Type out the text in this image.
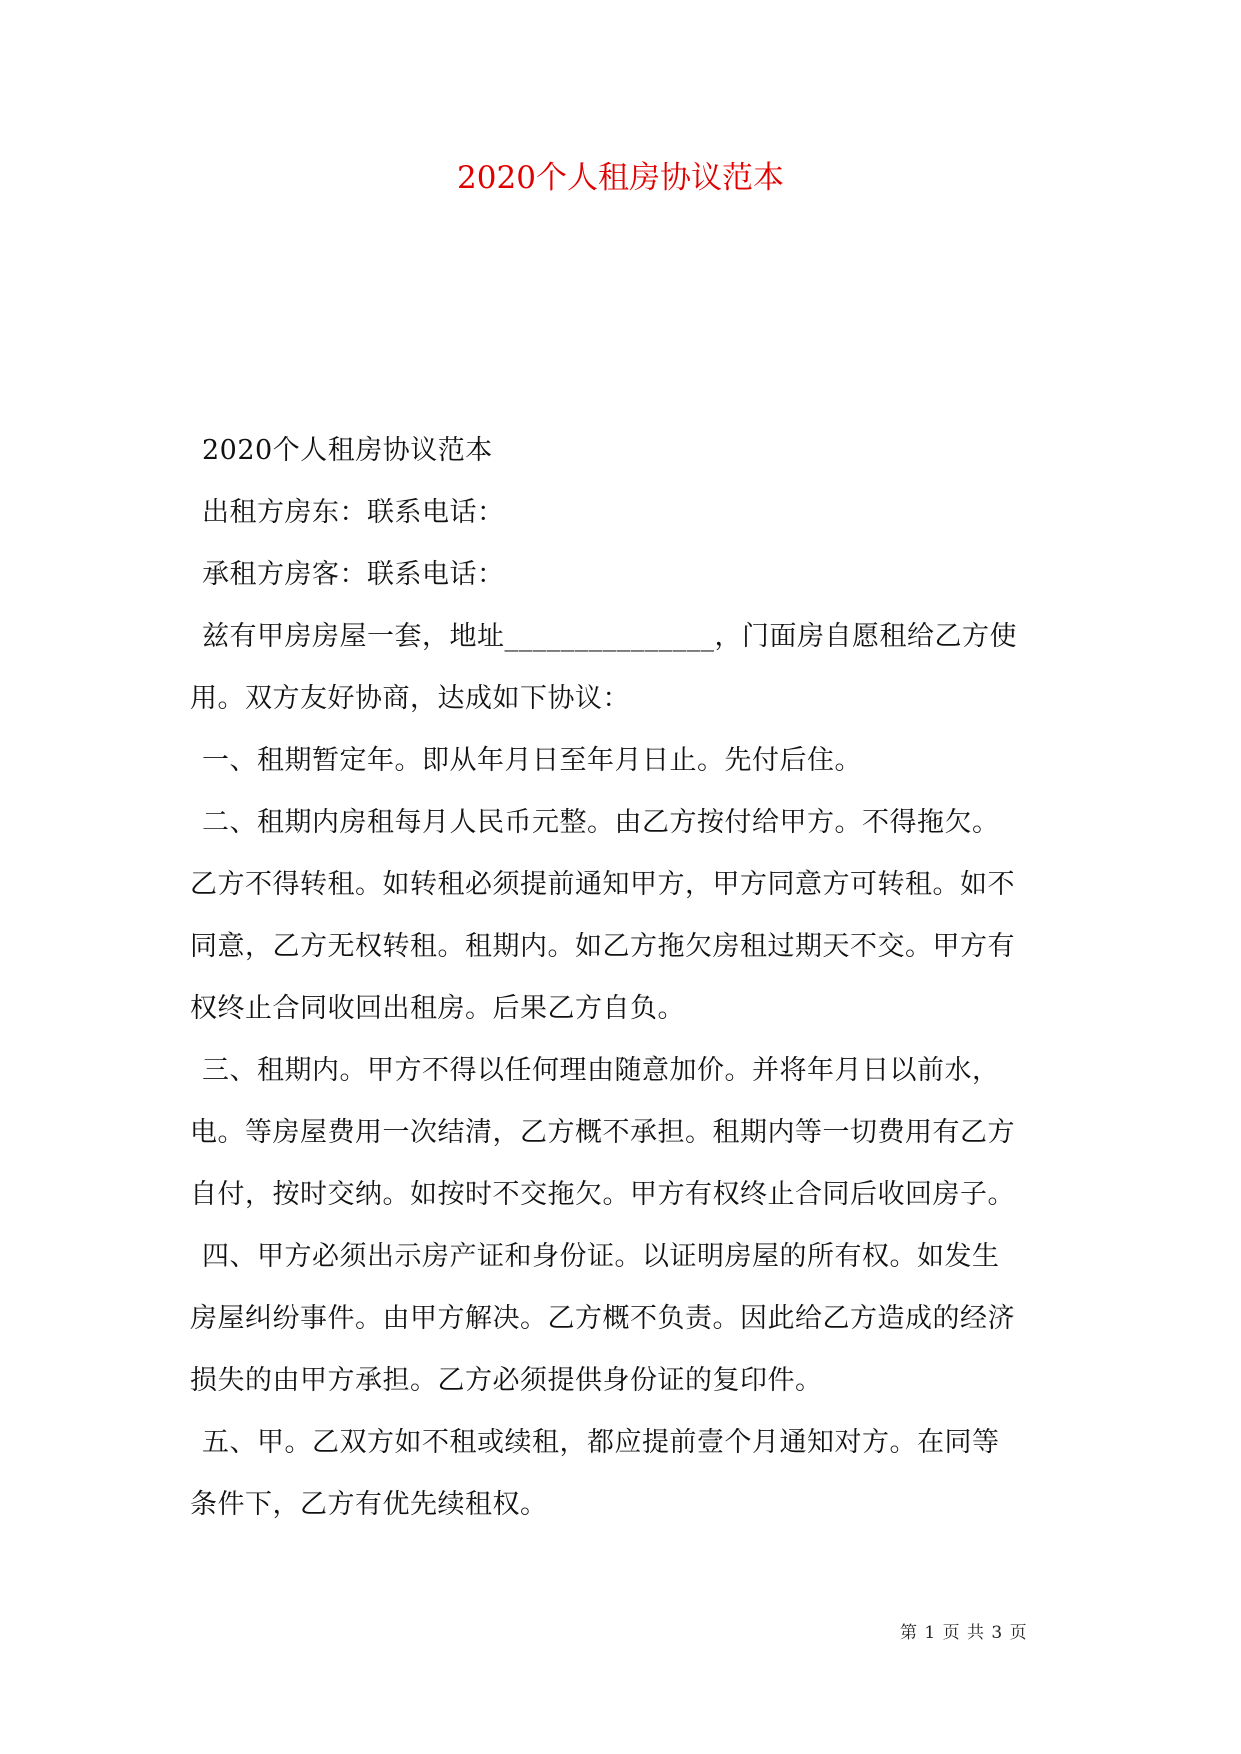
2020个人租房协议范本
2020个人租房协议范本
出租方房东：联系电话：
承租方房客：联系电话：
兹有甲房房屋一套，地址_______________，门面房自愿租给乙方使
用。双方友好协商，达成如下协议：
一、租期暂定年。即从年月日至年月日止。先付后住。
二、租期内房租每月人民币元整。由乙方按付给甲方。不得拖欠。
乙方不得转租。如转租必须提前通知甲方，甲方同意方可转租。如不
同意，乙方无权转租。租期内。如乙方拖欠房租过期天不交。甲方有
权终止合同收回出租房。后果乙方自负。
三、租期内。甲方不得以任何理由随意加价。并将年月日以前水，
电。等房屋费用一次结清，乙方概不承担。租期内等一切费用有乙方
自付，按时交纳。如按时不交拖欠。甲方有权终止合同后收回房子。
四、甲方必须出示房产证和身份证。以证明房屋的所有权。如发生
房屋纠纷事件。由甲方解决。乙方概不负责。因此给乙方造成的经济
损失的由甲方承担。乙方必须提供身份证的复印件。
五、甲。乙双方如不租或续租，都应提前壹个月通知对方。在同等
条件下，乙方有优先续租权。
第 1 页 共 3 页
